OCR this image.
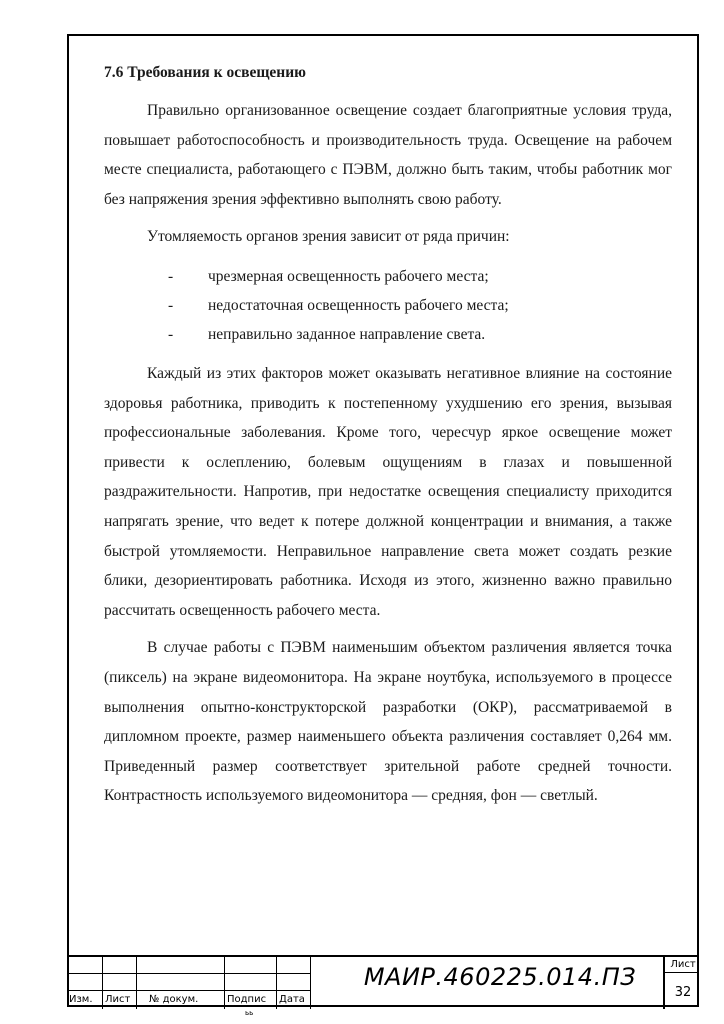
7.6 Требования к освещению

Правильно организованное освещение создает благоприятные условия труда, повышает работоспособность и производительность труда. Освещение на рабочем месте специалиста, работающего с ПЭВМ, должно быть таким, чтобы работник мог без напряжения зрения эффективно выполнять свою работу.

Утомляемость органов зрения зависит от ряда причин:

-	чрезмерная освещенность рабочего места;
-	недостаточная освещенность рабочего места;
-	неправильно заданное направление света.

Каждый из этих факторов может оказывать негативное влияние на состояние здоровья работника, приводить к постепенному ухудшению его зрения, вызывая профессиональные заболевания. Кроме того, чересчур яркое освещение может привести к ослеплению, болевым ощущениям в глазах и повышенной раздражительности. Напротив, при недостатке освещения специалисту приходится напрягать зрение, что ведет к потере должной концентрации и внимания, а также быстрой утомляемости. Неправильное направление света может создать резкие блики, дезориентировать работника. Исходя из этого, жизненно важно правильно рассчитать освещенность рабочего места.

В случае работы с ПЭВМ наименьшим объектом различения является точка (пиксель) на экране видеомонитора. На экране ноутбука, используемого в процессе выполнения опытно-конструкторской разработки (ОКР), рассматриваемой в дипломном проекте, размер наименьшего объекта различения составляет 0,264 мм. Приведенный размер соответствует зрительной работе средней точности. Контрастность используемого видеомонитора — средняя, фон — светлый.

Изм. Лист № докум.	Подпис Дата
МАИР.460225.014.ПЗ	Лист
32
ьь
